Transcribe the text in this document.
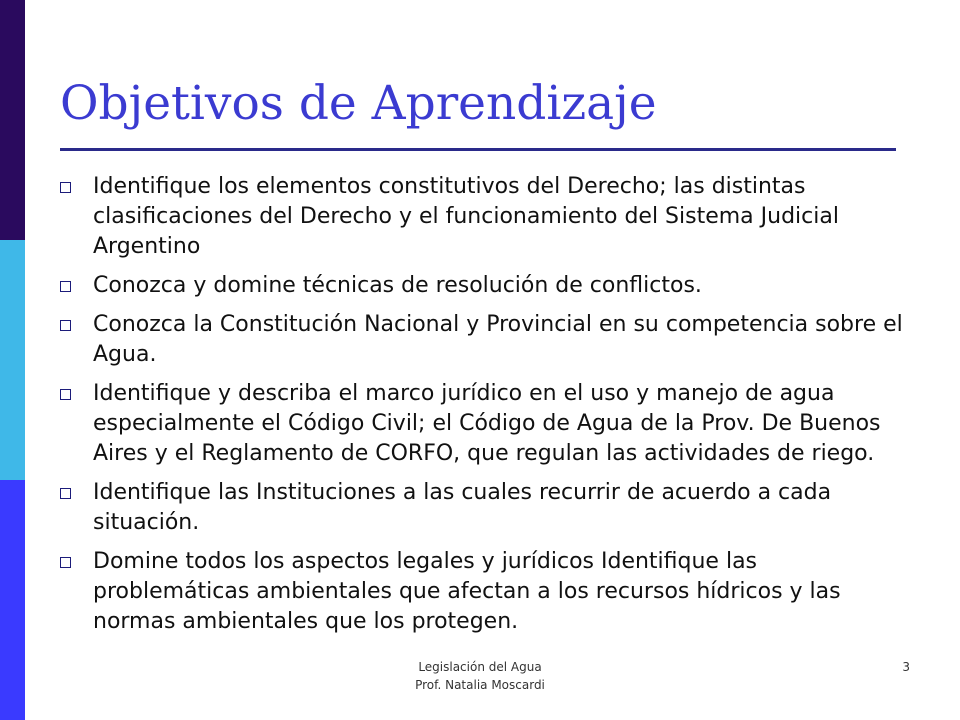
Objetivos de Aprendizaje
Identifique los elementos constitutivos del Derecho; las distintas clasificaciones del Derecho y el funcionamiento del Sistema Judicial Argentino
Conozca y domine técnicas de resolución de conflictos.
Conozca la Constitución Nacional y Provincial en su competencia sobre el Agua.
Identifique y describa el marco jurídico en el uso y manejo de agua especialmente el Código Civil; el Código de Agua de la Prov. De Buenos Aires y el Reglamento de CORFO, que regulan las actividades de riego.
Identifique las Instituciones a las cuales recurrir de acuerdo a cada situación.
Domine todos los aspectos legales y jurídicos Identifique las problemáticas ambientales que afectan a los recursos hídricos y las normas ambientales que los protegen.
Legislación del Agua
Prof. Natalia Moscardi
3
